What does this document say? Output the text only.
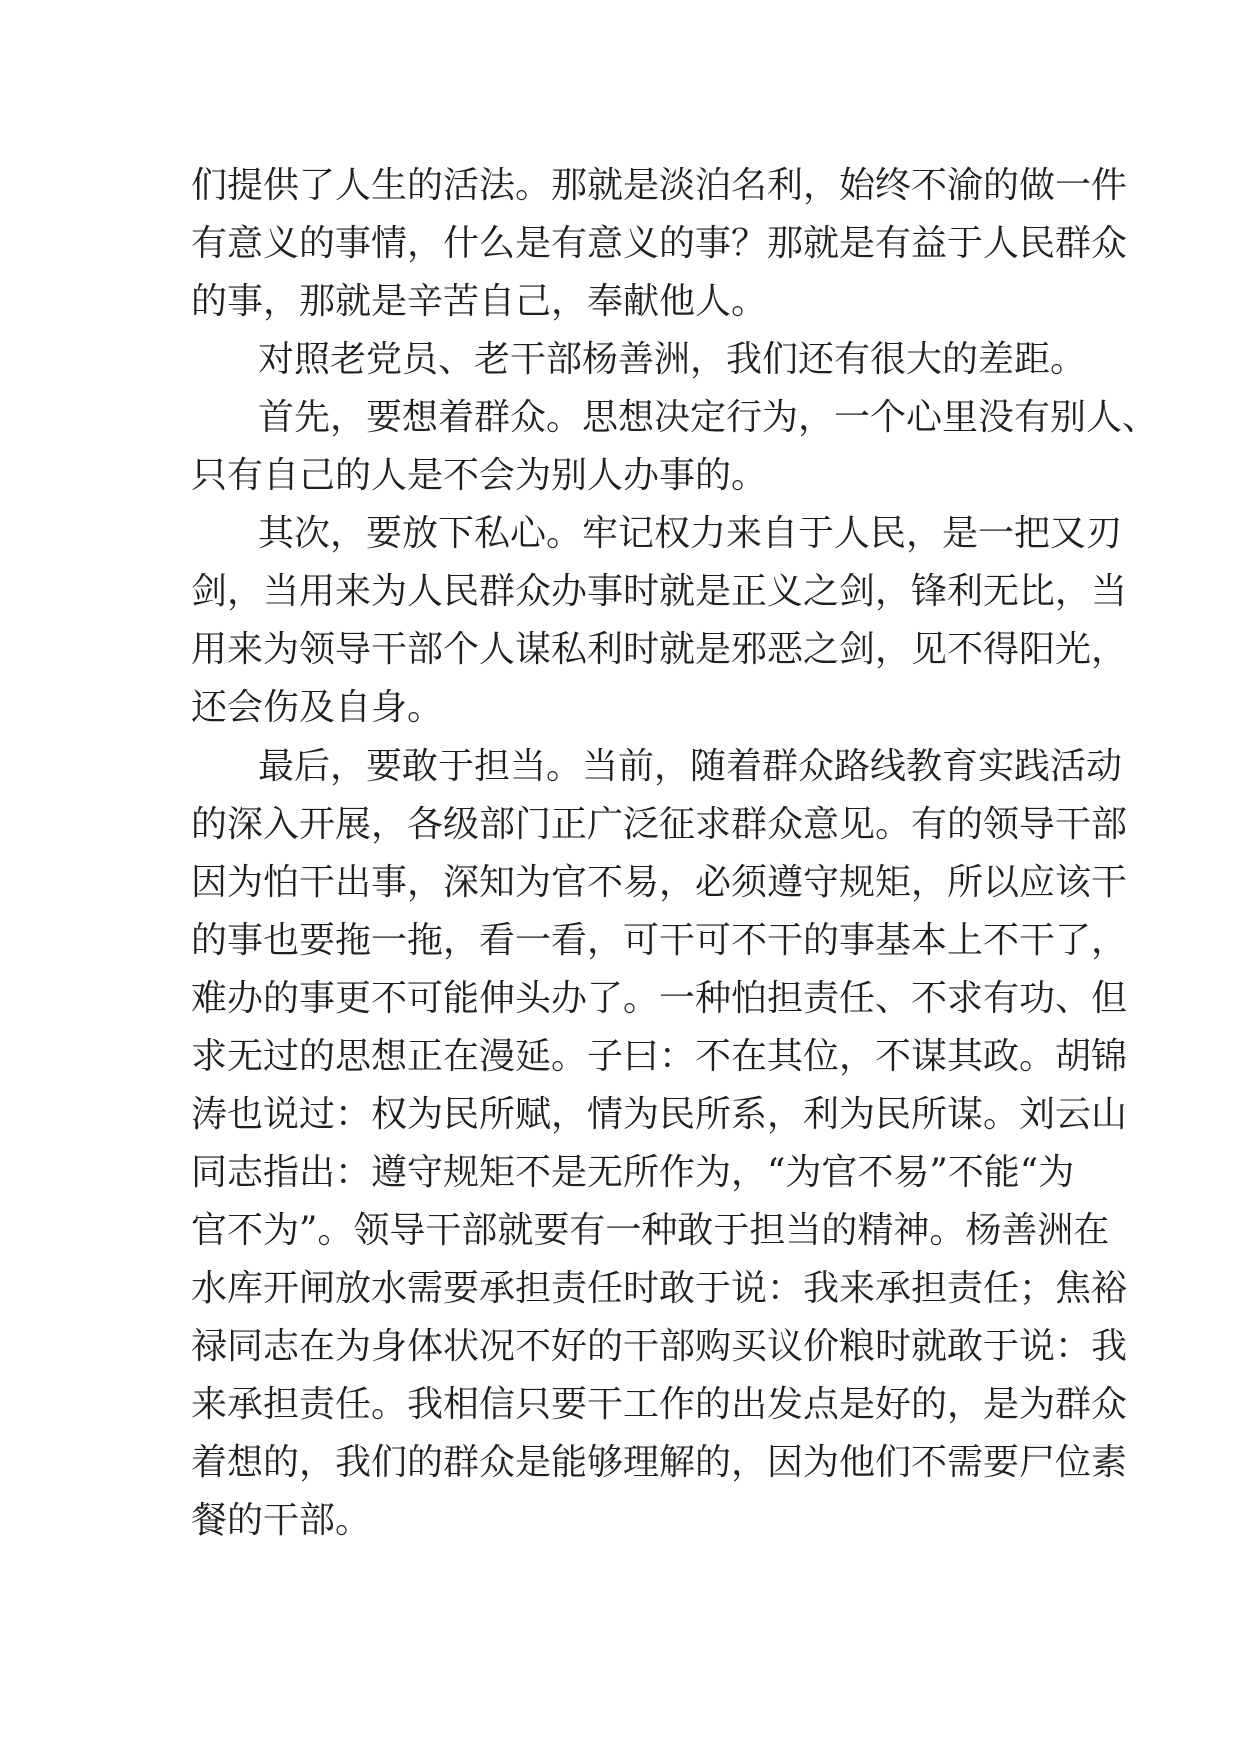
们提供了人生的活法。那就是淡泊名利，始终不渝的做一件
有意义的事情，什么是有意义的事？那就是有益于人民群众
的事，那就是辛苦自己，奉献他人。
对照老党员、老干部杨善洲，我们还有很大的差距。
首先，要想着群众。思想决定行为，一个心里没有别人、
只有自己的人是不会为别人办事的。
其次，要放下私心。牢记权力来自于人民，是一把又刃
剑，当用来为人民群众办事时就是正义之剑，锋利无比，当
用来为领导干部个人谋私利时就是邪恶之剑，见不得阳光，
还会伤及自身。
最后，要敢于担当。当前，随着群众路线教育实践活动
的深入开展，各级部门正广泛征求群众意见。有的领导干部
因为怕干出事，深知为官不易，必须遵守规矩，所以应该干
的事也要拖一拖，看一看，可干可不干的事基本上不干了，
难办的事更不可能伸头办了。一种怕担责任、不求有功、但
求无过的思想正在漫延。子曰：不在其位，不谋其政。胡锦
涛也说过：权为民所赋，情为民所系，利为民所谋。刘云山
同志指出：遵守规矩不是无所作为，“为官不易”不能“为
官不为”。领导干部就要有一种敢于担当的精神。杨善洲在
水库开闸放水需要承担责任时敢于说：我来承担责任；焦裕
禄同志在为身体状况不好的干部购买议价粮时就敢于说：我
来承担责任。我相信只要干工作的出发点是好的，是为群众
着想的，我们的群众是能够理解的，因为他们不需要尸位素
餐的干部。
